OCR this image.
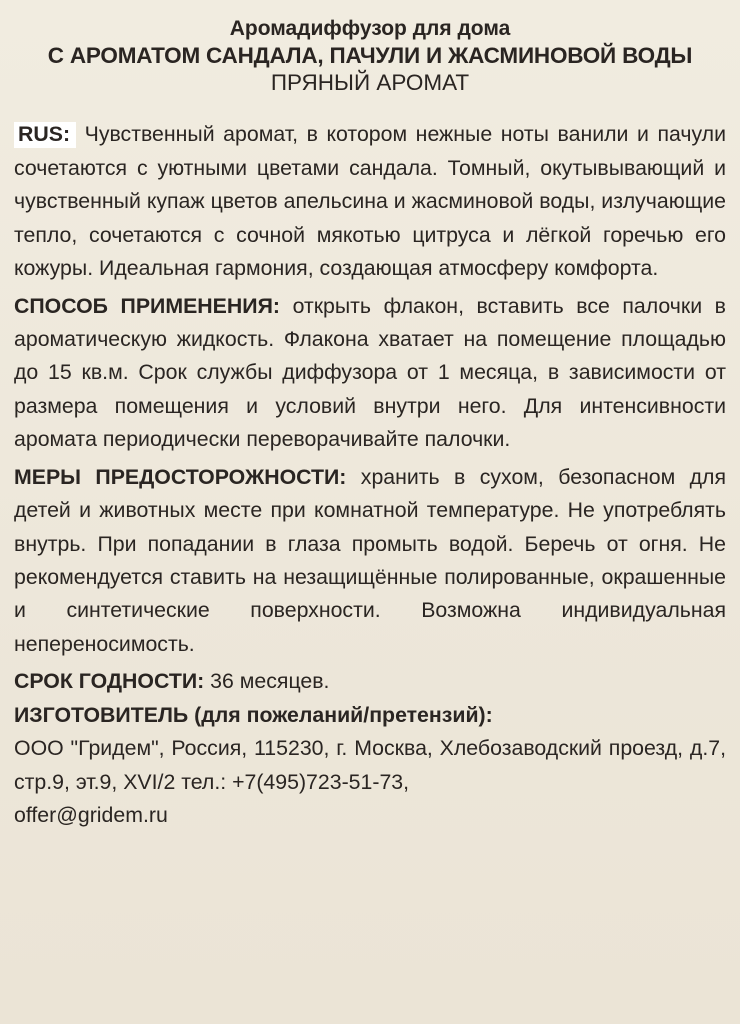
Аромадиффузор для дома
С АРОМАТОМ САНДАЛА, ПАЧУЛИ И ЖАСМИНОВОЙ ВОДЫ
ПРЯНЫЙ АРОМАТ

RUS: Чувственный аромат, в котором нежные ноты ванили и пачули сочетаются с уютными цветами сандала. Томный, окутывывающий и чувственный купаж цветов апельсина и жасминовой воды, излучающие тепло, сочетаются с сочной мякотью цитруса и лёгкой горечью его кожуры. Идеальная гармония, создающая атмосферу комфорта.

СПОСОБ ПРИМЕНЕНИЯ: открыть флакон, вставить все палочки в ароматическую жидкость. Флакона хватает на помещение площадью до 15 кв.м. Срок службы диффузора от 1 месяца, в зависимости от размера помещения и условий внутри него. Для интенсивности аромата периодически переворачивайте палочки.

МЕРЫ ПРЕДОСТОРОЖНОСТИ: хранить в сухом, безопасном для детей и животных месте при комнатной температуре. Не употреблять внутрь. При попадании в глаза промыть водой. Беречь от огня. Не рекомендуется ставить на незащищённые полированные, окрашенные и синтетические поверхности. Возможна индивидуальная непереносимость.

СРОК ГОДНОСТИ: 36 месяцев.
ИЗГОТОВИТЕЛЬ (для пожеланий/претензий):
ООО "Гридем", Россия, 115230, г. Москва, Хлебозаводский проезд, д.7, стр.9, эт.9, XVI/2 тел.: +7(495)723-51-73,
offer@gridem.ru
